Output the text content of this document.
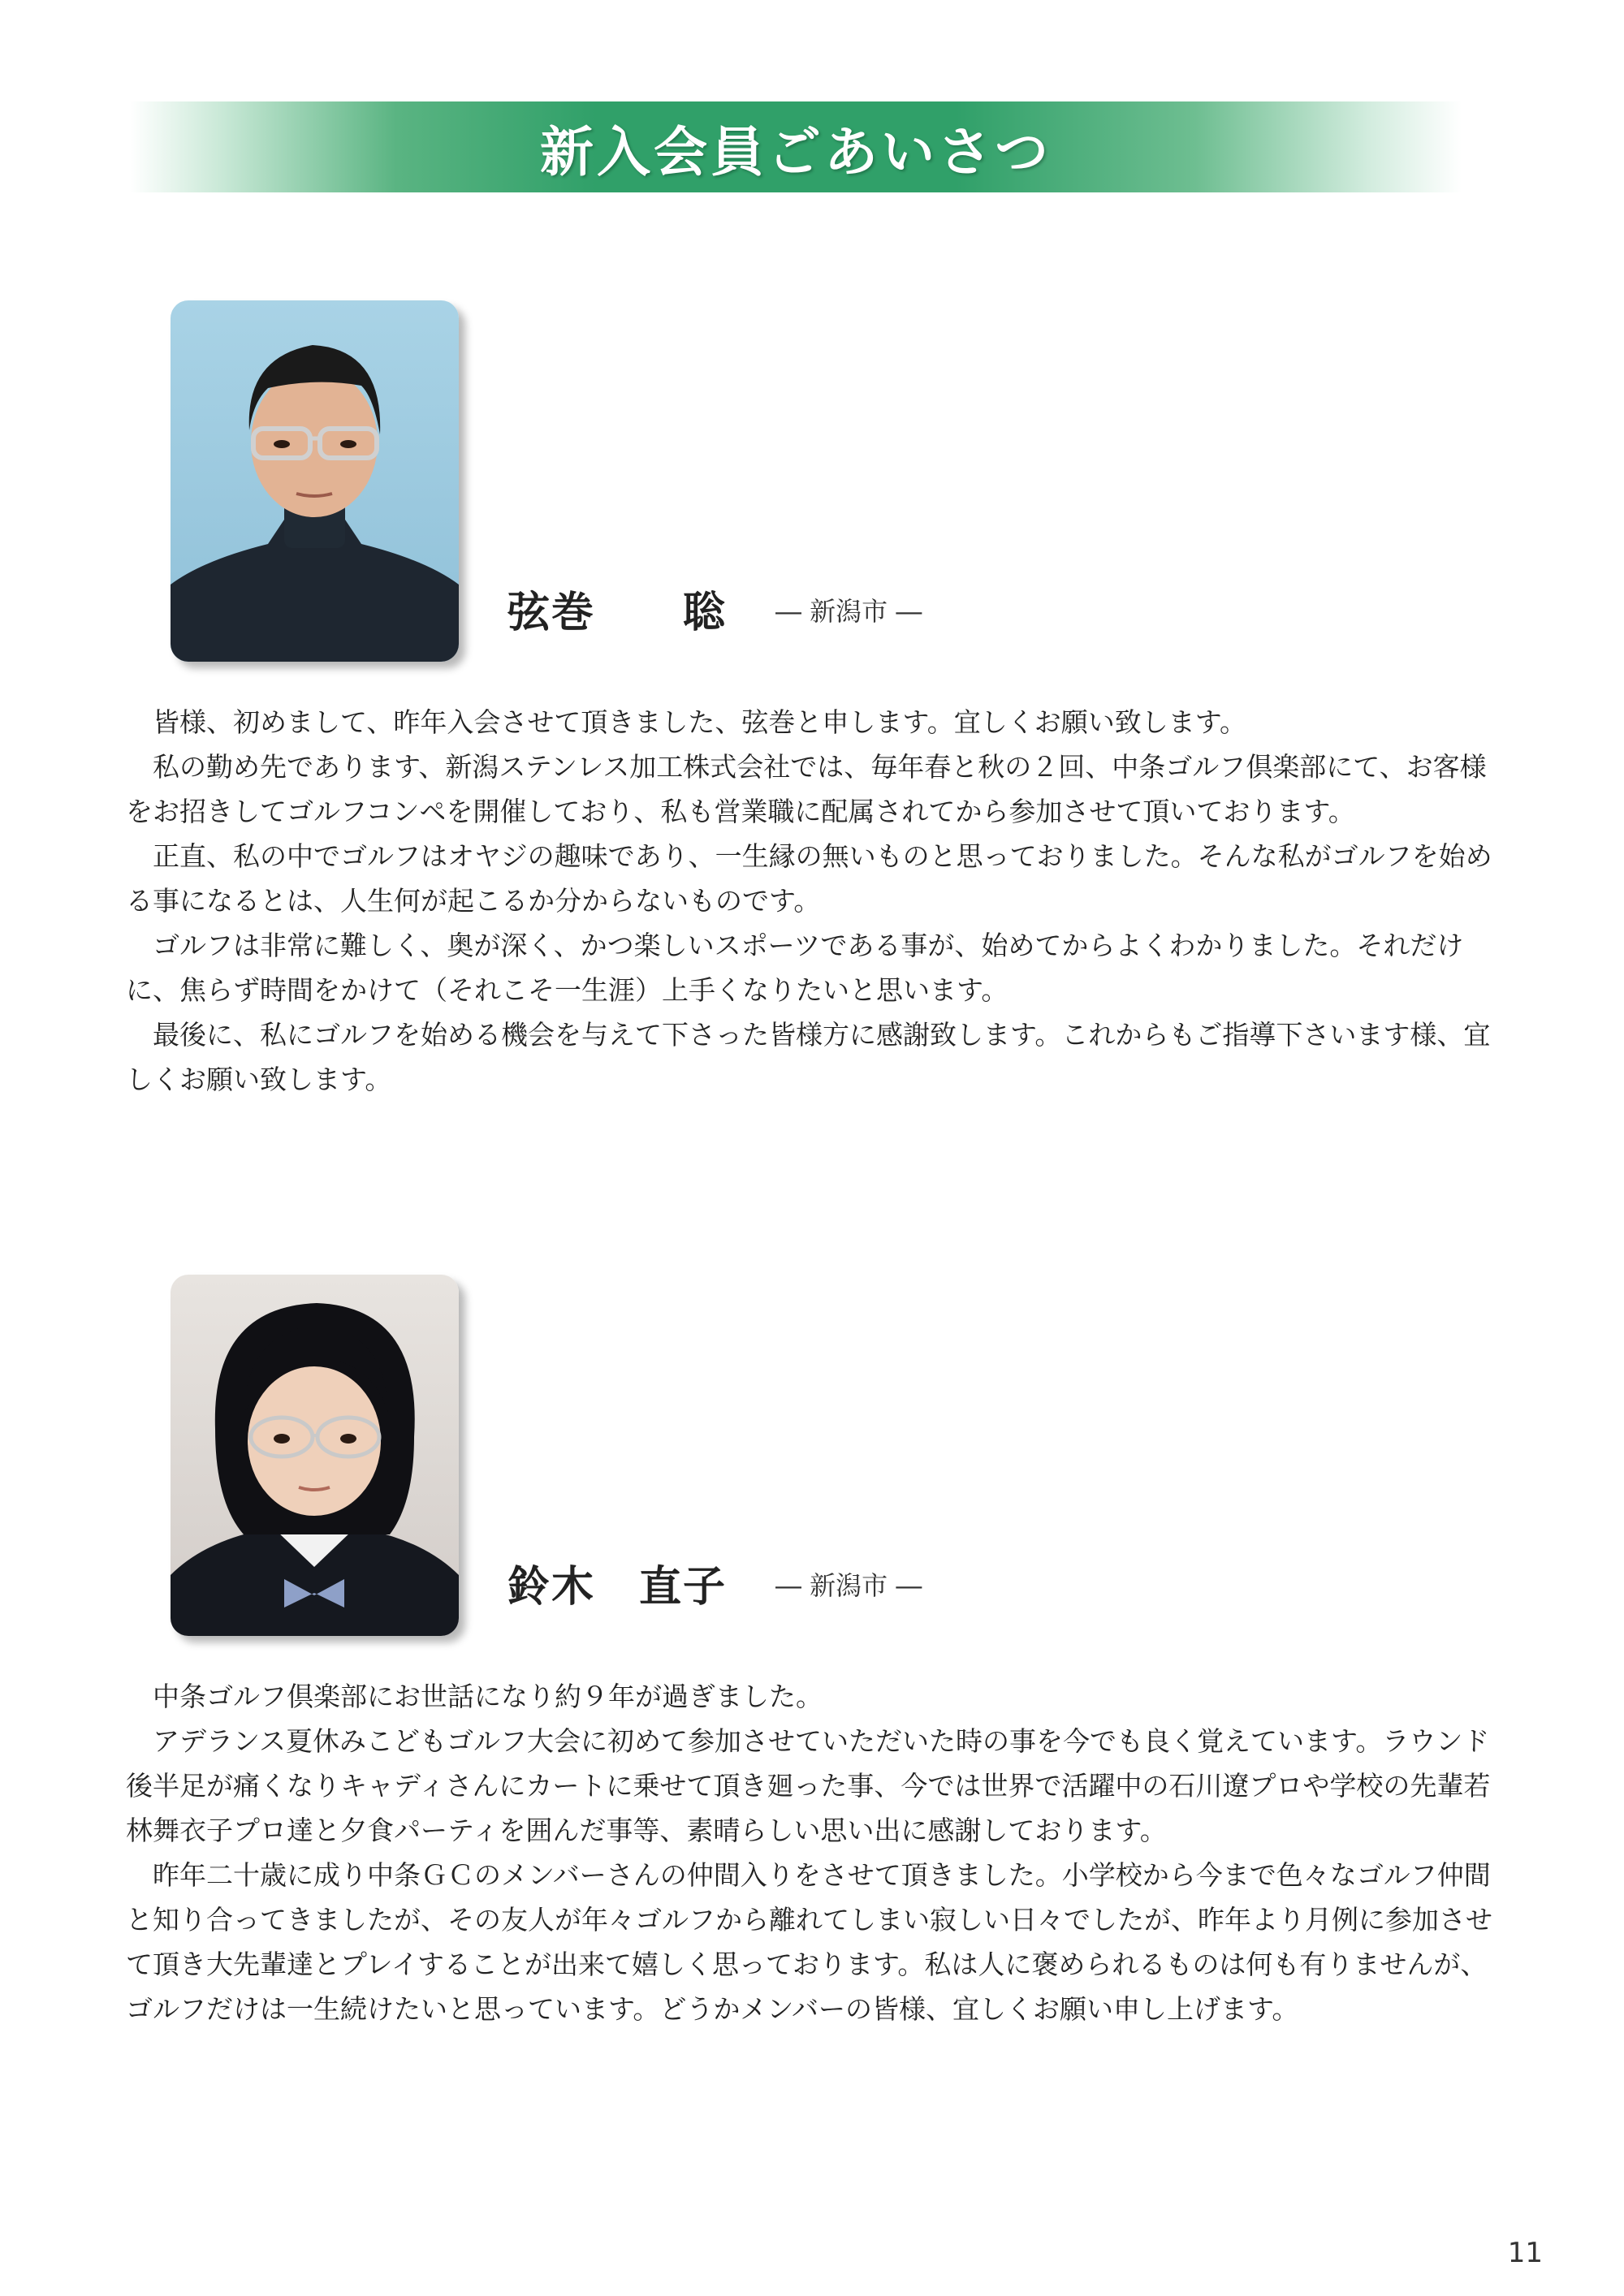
新入会員ごあいさつ
弦巻　　聡 ― 新潟市 ―

皆様、初めまして、昨年入会させて頂きました、弦巻と申します。宜しくお願い致します。

私の勤め先であります、新潟ステンレス加工株式会社では、毎年春と秋の２回、中条ゴルフ倶楽部にて、お客様をお招きしてゴルフコンペを開催しており、私も営業職に配属されてから参加させて頂いております。

正直、私の中でゴルフはオヤジの趣味であり、一生縁の無いものと思っておりました。そんな私がゴルフを始める事になるとは、人生何が起こるか分からないものです。

ゴルフは非常に難しく、奥が深く、かつ楽しいスポーツである事が、始めてからよくわかりました。それだけに、焦らず時間をかけて（それこそ一生涯）上手くなりたいと思います。

最後に、私にゴルフを始める機会を与えて下さった皆様方に感謝致します。これからもご指導下さいます様、宜しくお願い致します。

鈴木　直子 ― 新潟市 ―

中条ゴルフ倶楽部にお世話になり約９年が過ぎました。

アデランス夏休みこどもゴルフ大会に初めて参加させていただいた時の事を今でも良く覚えています。ラウンド後半足が痛くなりキャディさんにカートに乗せて頂き廻った事、今では世界で活躍中の石川遼プロや学校の先輩若林舞衣子プロ達と夕食パーティを囲んだ事等、素晴らしい思い出に感謝しております。

昨年二十歳に成り中条ＧＣのメンバーさんの仲間入りをさせて頂きました。小学校から今まで色々なゴルフ仲間と知り合ってきましたが、その友人が年々ゴルフから離れてしまい寂しい日々でしたが、昨年より月例に参加させて頂き大先輩達とプレイすることが出来て嬉しく思っております。私は人に褒められるものは何も有りませんが、ゴルフだけは一生続けたいと思っています。どうかメンバーの皆様、宜しくお願い申し上げます。

11
